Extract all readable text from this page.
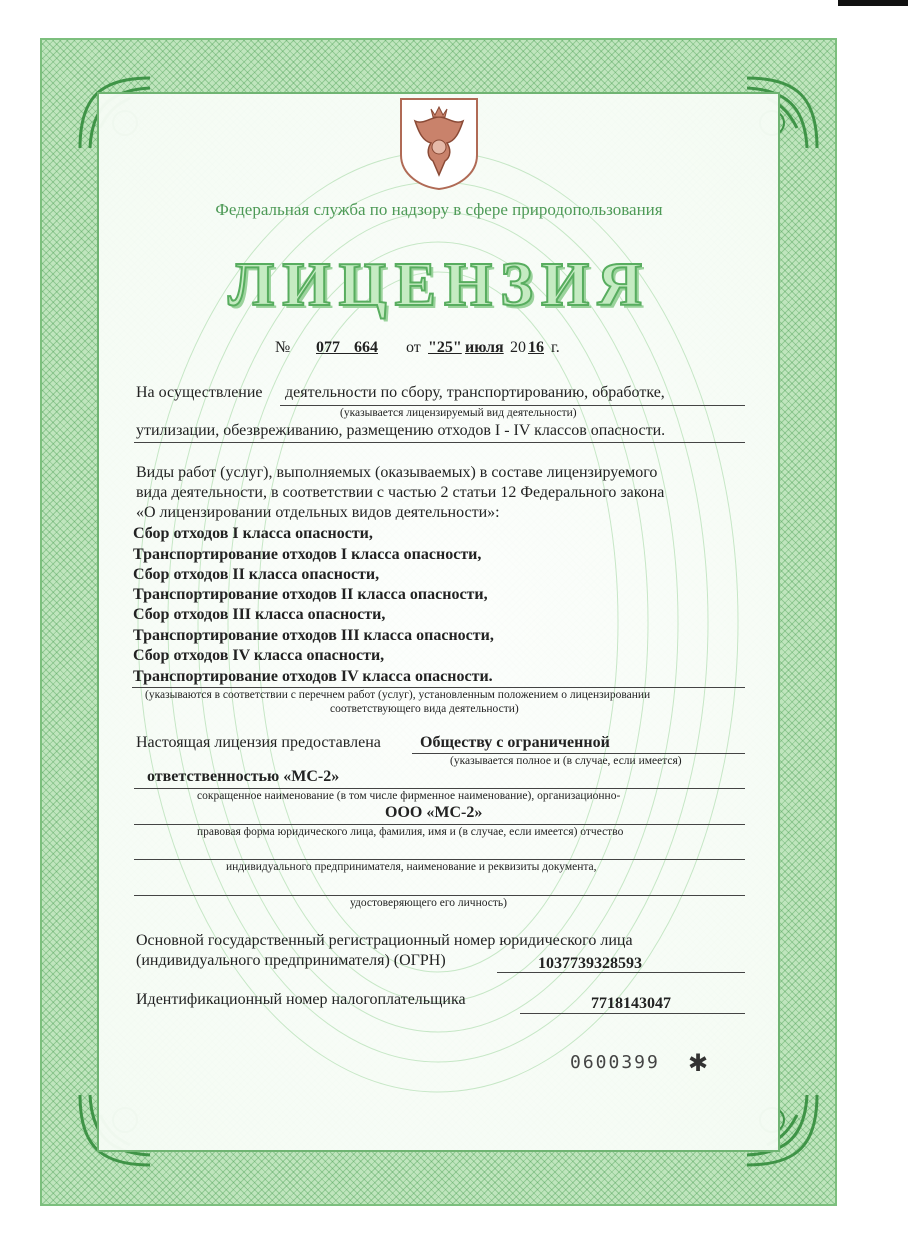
Федеральная служба по надзору в сфере природопользования
ЛИЦЕНЗИЯ
№ 077 664 от "25" июля 20 16 г.
На осуществление деятельности по сбору, транспортированию, обработке,
(указывается лицензируемый вид деятельности)
утилизации, обезвреживанию, размещению отходов I - IV классов опасности.
Виды работ (услуг), выполняемых (оказываемых) в составе лицензируемого
вида деятельности, в соответствии с частью 2 статьи 12 Федерального закона
«О лицензировании отдельных видов деятельности»:
Сбор отходов I класса опасности,
Транспортирование отходов I класса опасности,
Сбор отходов II класса опасности,
Транспортирование отходов II класса опасности,
Сбор отходов III класса опасности,
Транспортирование отходов III класса опасности,
Сбор отходов IV класса опасности,
Транспортирование отходов IV класса опасности.
(указываются в соответствии с перечнем работ (услуг), установленным положением о лицензировании
соответствующего вида деятельности)
Настоящая лицензия предоставлена Обществу с ограниченной
(указывается полное и (в случае, если имеется)
ответственностью «МС-2»
сокращенное наименование (в том числе фирменное наименование), организационно-
ООО «МС-2»
правовая форма юридического лица, фамилия, имя и (в случае, если имеется) отчество
индивидуального предпринимателя, наименование и реквизиты документа,
удостоверяющего его личность)
Основной государственный регистрационный номер юридического лица
(индивидуального предпринимателя) (ОГРН)	1037739328593
Идентификационный номер налогоплательщика	7718143047
0600399 ✱
